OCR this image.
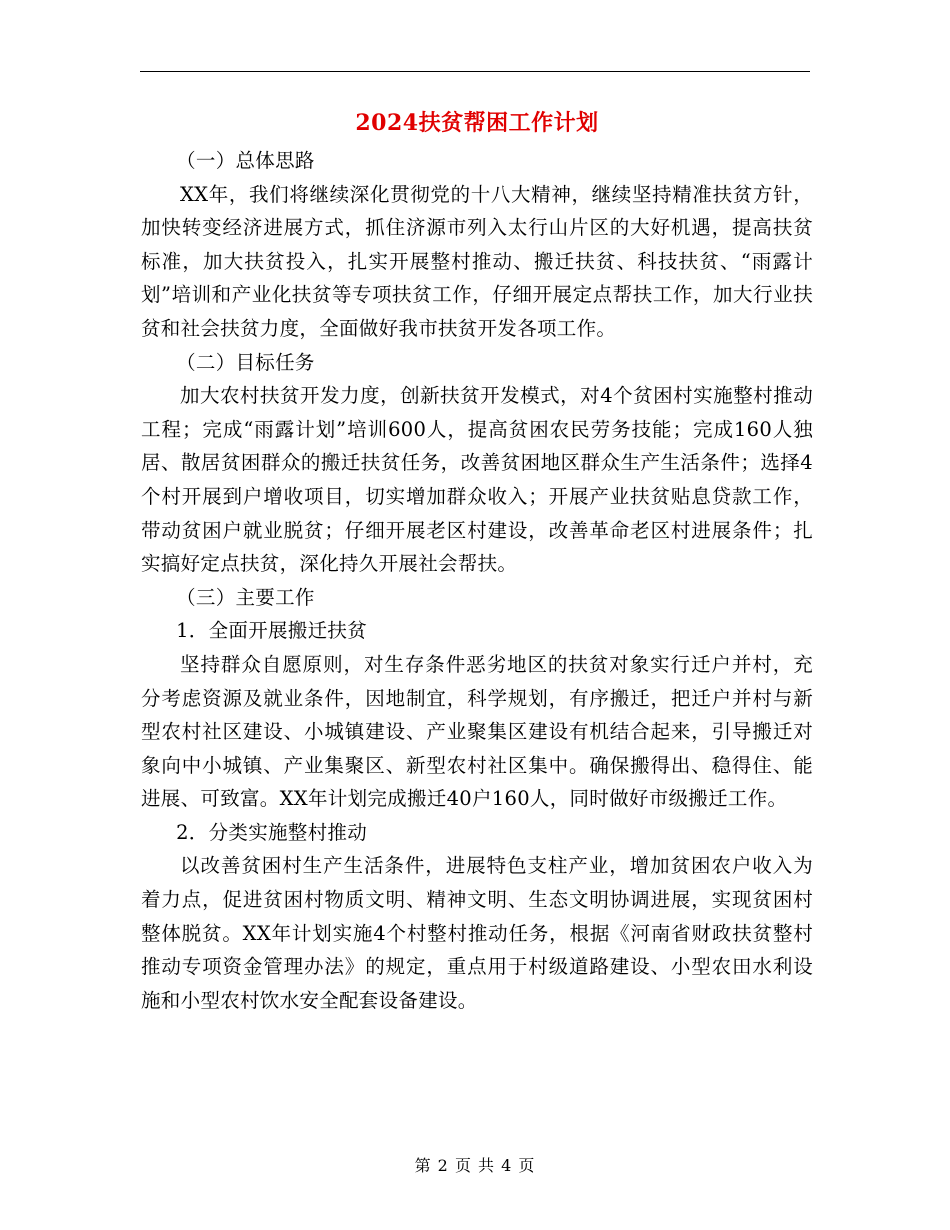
2024扶贫帮困工作计划
（一）总体思路
XX年，我们将继续深化贯彻党的十八大精神，继续坚持精准扶贫方针，加快转变经济进展方式，抓住济源市列入太行山片区的大好机遇，提高扶贫标准，加大扶贫投入，扎实开展整村推动、搬迁扶贫、科技扶贫、“雨露计划”培训和产业化扶贫等专项扶贫工作，仔细开展定点帮扶工作，加大行业扶贫和社会扶贫力度，全面做好我市扶贫开发各项工作。
（二）目标任务
加大农村扶贫开发力度，创新扶贫开发模式，对4个贫困村实施整村推动工程；完成“雨露计划”培训600人，提高贫困农民劳务技能；完成160人独居、散居贫困群众的搬迁扶贫任务，改善贫困地区群众生产生活条件；选择4个村开展到户增收项目，切实增加群众收入；开展产业扶贫贴息贷款工作，带动贫困户就业脱贫；仔细开展老区村建设，改善革命老区村进展条件；扎实搞好定点扶贫，深化持久开展社会帮扶。
（三）主要工作
1．全面开展搬迁扶贫
坚持群众自愿原则，对生存条件恶劣地区的扶贫对象实行迁户并村，充分考虑资源及就业条件，因地制宜，科学规划，有序搬迁，把迁户并村与新型农村社区建设、小城镇建设、产业聚集区建设有机结合起来，引导搬迁对象向中小城镇、产业集聚区、新型农村社区集中。确保搬得出、稳得住、能进展、可致富。XX年计划完成搬迁40户160人，同时做好市级搬迁工作。
2．分类实施整村推动
以改善贫困村生产生活条件，进展特色支柱产业，增加贫困农户收入为着力点，促进贫困村物质文明、精神文明、生态文明协调进展，实现贫困村整体脱贫。XX年计划实施4个村整村推动任务，根据《河南省财政扶贫整村推动专项资金管理办法》的规定，重点用于村级道路建设、小型农田水利设施和小型农村饮水安全配套设备建设。
第 2 页 共 4 页
